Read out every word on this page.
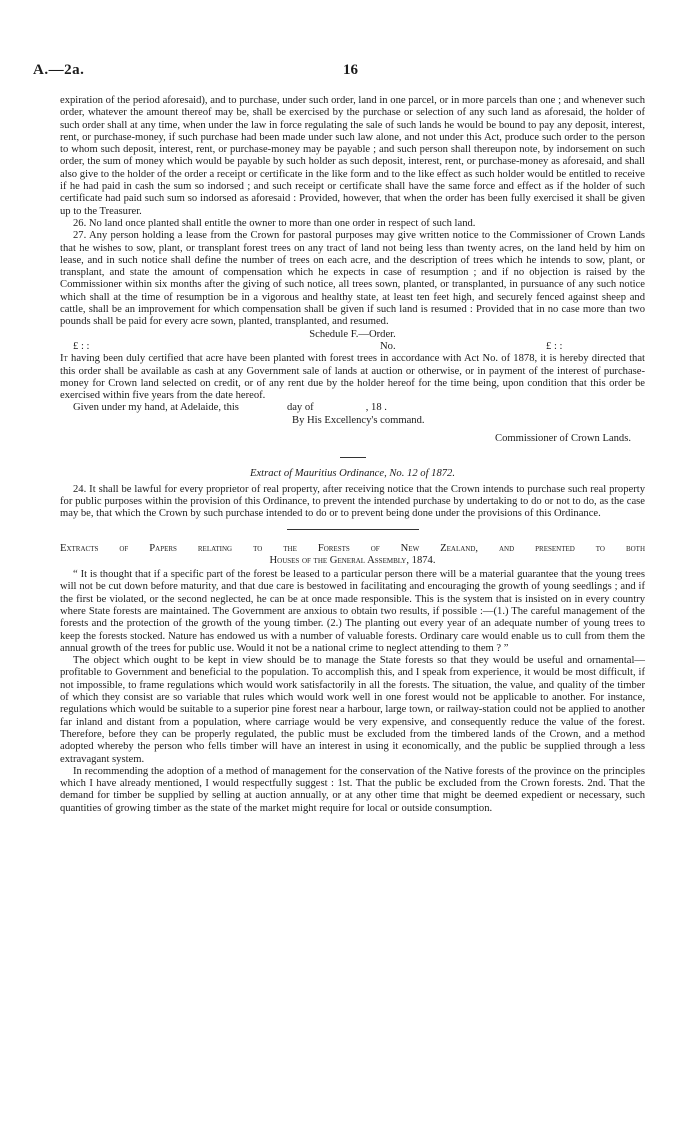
A.—2a.	16

expiration of the period aforesaid), and to purchase, under such order, land in one parcel, or in more parcels than one ; and whenever such order, whatever the amount thereof may be, shall be exercised by the purchase or selection of any such land as aforesaid, the holder of such order shall at any time, when under the law in force regulating the sale of such lands he would be bound to pay any deposit, interest, rent, or purchase-money, if such purchase had been made under such law alone, and not under this Act, produce such order to the person to whom such deposit, interest, rent, or purchase-money may be payable ; and such person shall thereupon note, by indorsement on such order, the sum of money which would be payable by such holder as such deposit, interest, rent, or purchase-money as aforesaid, and shall also give to the holder of the order a receipt or certificate in the like form and to the like effect as such holder would be entitled to receive if he had paid in cash the sum so indorsed ; and such receipt or certificate shall have the same force and effect as if the holder of such certificate had paid such sum so indorsed as aforesaid : Provided, however, that when the order has been fully exercised it shall be given up to the Treasurer.

26. No land once planted shall entitle the owner to more than one order in respect of such land.

27. Any person holding a lease from the Crown for pastoral purposes may give written notice to the Commissioner of Crown Lands that he wishes to sow, plant, or transplant forest trees on any tract of land not being less than twenty acres, on the land held by him on lease, and in such notice shall define the number of trees on each acre, and the description of trees which he intends to sow, plant, or transplant, and state the amount of compensation which he expects in case of resumption ; and if no objection is raised by the Commissioner within six months after the giving of such notice, all trees sown, planted, or transplanted, in pursuance of any such notice which shall at the time of resumption be in a vigorous and healthy state, at least ten feet high, and securely fenced against sheep and cattle, shall be an improvement for which compensation shall be given if such land is resumed : Provided that in no case more than two pounds shall be paid for every acre sown, planted, transplanted, and resumed.

Schedule F.—Order.

£ : :	No.	£ : :

It having been duly certified that acre have been planted with forest trees in accordance with Act No. of 1878, it is hereby directed that this order shall be available as cash at any Government sale of lands at auction or otherwise, or in payment of the interest of purchase-money for Crown land selected on credit, or of any rent due by the holder hereof for the time being, upon condition that this order be exercised within five years from the date hereof.

Given under my hand, at Adelaide, this	day of	, 18 .

By His Excellency's command.

Commissioner of Crown Lands.

Extract of Mauritius Ordinance, No. 12 of 1872.

24. It shall be lawful for every proprietor of real property, after receiving notice that the Crown intends to purchase such real property for public purposes within the provision of this Ordinance, to prevent the intended purchase by undertaking to do or not to do, as the case may be, that which the Crown by such purchase intended to do or to prevent being done under the provisions of this Ordinance.

Extracts of Papers relating to the Forests of New Zealand, and presented to both

Houses of the General Assembly, 1874.

“ It is thought that if a specific part of the forest be leased to a particular person there will be a material guarantee that the young trees will not be cut down before maturity, and that due care is bestowed in facilitating and encouraging the growth of young seedlings ; and if the first be violated, or the second neglected, he can be at once made responsible. This is the system that is insisted on in every country where State forests are maintained. The Government are anxious to obtain two results, if possible :—(1.) The careful management of the forests and the protection of the growth of the young timber. (2.) The planting out every year of an adequate number of young trees to keep the forests stocked. Nature has endowed us with a number of valuable forests. Ordinary care would enable us to cull from them the annual growth of the trees for public use. Would it not be a national crime to neglect attending to them ? ”

The object which ought to be kept in view should be to manage the State forests so that they would be useful and ornamental—profitable to Government and beneficial to the population. To accomplish this, and I speak from experience, it would be most difficult, if not impossible, to frame regulations which would work satisfactorily in all the forests. The situation, the value, and quality of the timber of which they consist are so variable that rules which would work well in one forest would not be applicable to another. For instance, regulations which would be suitable to a superior pine forest near a harbour, large town, or railway-station could not be applied to another far inland and distant from a population, where carriage would be very expensive, and consequently reduce the value of the forest. Therefore, before they can be properly regulated, the public must be excluded from the timbered lands of the Crown, and a method adopted whereby the person who fells timber will have an interest in using it economically, and the public be supplied through a less extravagant system.

In recommending the adoption of a method of management for the conservation of the Native forests of the province on the principles which I have already mentioned, I would respectfully suggest : 1st. That the public be excluded from the Crown forests. 2nd. That the demand for timber be supplied by selling at auction annually, or at any other time that might be deemed expedient or necessary, such quantities of growing timber as the state of the market might require for local or outside consumption.
